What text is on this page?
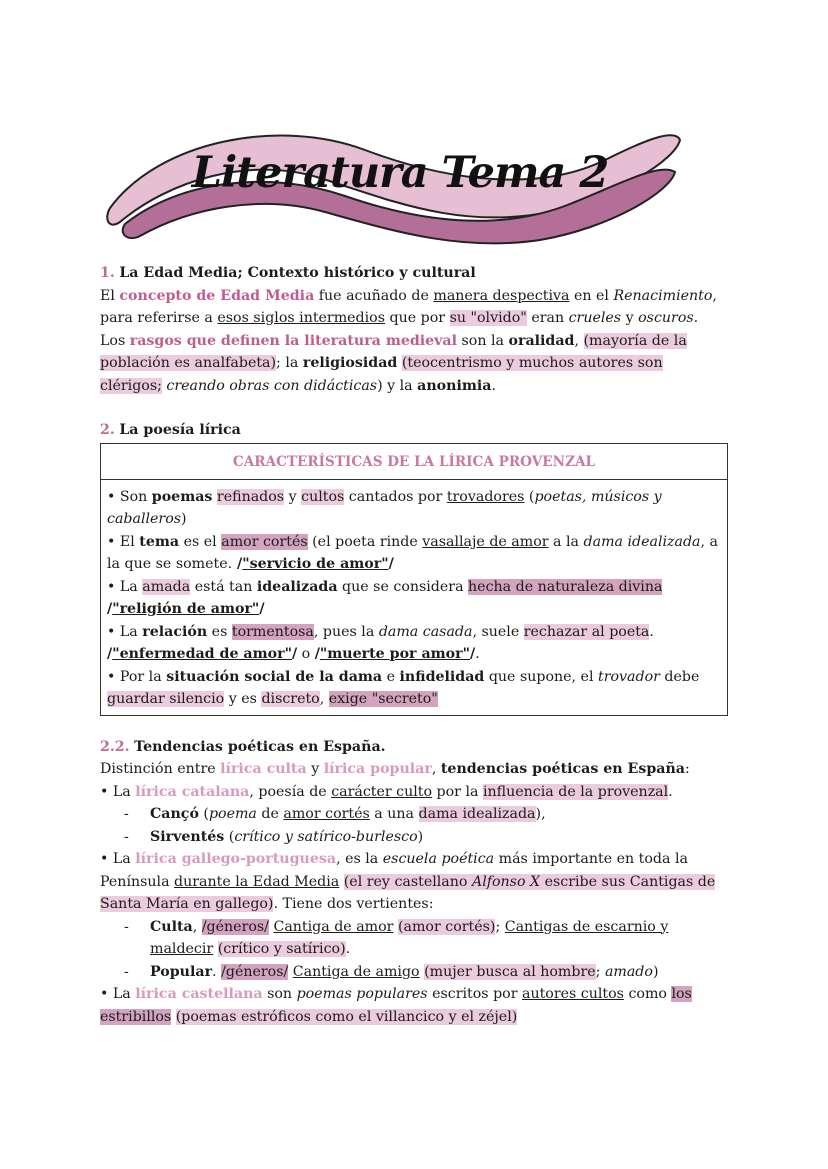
Literatura Tema 2

1. La Edad Media; Contexto histórico y cultural

El concepto de Edad Media fue acuñado de manera despectiva en el Renacimiento, para referirse a esos siglos intermedios que por su "olvido" eran crueles y oscuros.

Los rasgos que definen la literatura medieval son la oralidad, (mayoría de la población es analfabeta); la religiosidad (teocentrismo y muchos autores son clérigos; creando obras con didácticas) y la anonimia.

2. La poesía lírica

CARACTERÍSTICAS DE LA LÍRICA PROVENZAL

• Son poemas refinados y cultos cantados por trovadores (poetas, músicos y caballeros)

• El tema es el amor cortés (el poeta rinde vasallaje de amor a la dama idealizada, a la que se somete. /"servicio de amor"/

• La amada está tan idealizada que se considera hecha de naturaleza divina
/"religión de amor"/

• La relación es tormentosa, pues la dama casada, suele rechazar al poeta.
/"enfermedad de amor"/ o /"muerte por amor"/.

• Por la situación social de la dama e infidelidad que supone, el trovador debe guardar silencio y es discreto, exige "secreto"

2.2. Tendencias poéticas en España.

Distinción entre lírica culta y lírica popular, tendencias poéticas en España:

• La lírica catalana, poesía de carácter culto por la influencia de la provenzal.

-	Cançó (poema de amor cortés a una dama idealizada),

-	Sirventés (crítico y satírico-burlesco)

• La lírica gallego-portuguesa, es la escuela poética más importante en toda la Península durante la Edad Media (el rey castellano Alfonso X escribe sus Cantigas de Santa María en gallego). Tiene dos vertientes:

-	Culta, /géneros/ Cantiga de amor (amor cortés); Cantigas de escarnio y maldecir (crítico y satírico).

-	Popular. /géneros/ Cantiga de amigo (mujer busca al hombre; amado)

• La lírica castellana son poemas populares escritos por autores cultos como los estribillos (poemas estróficos como el villancico y el zéjel)
